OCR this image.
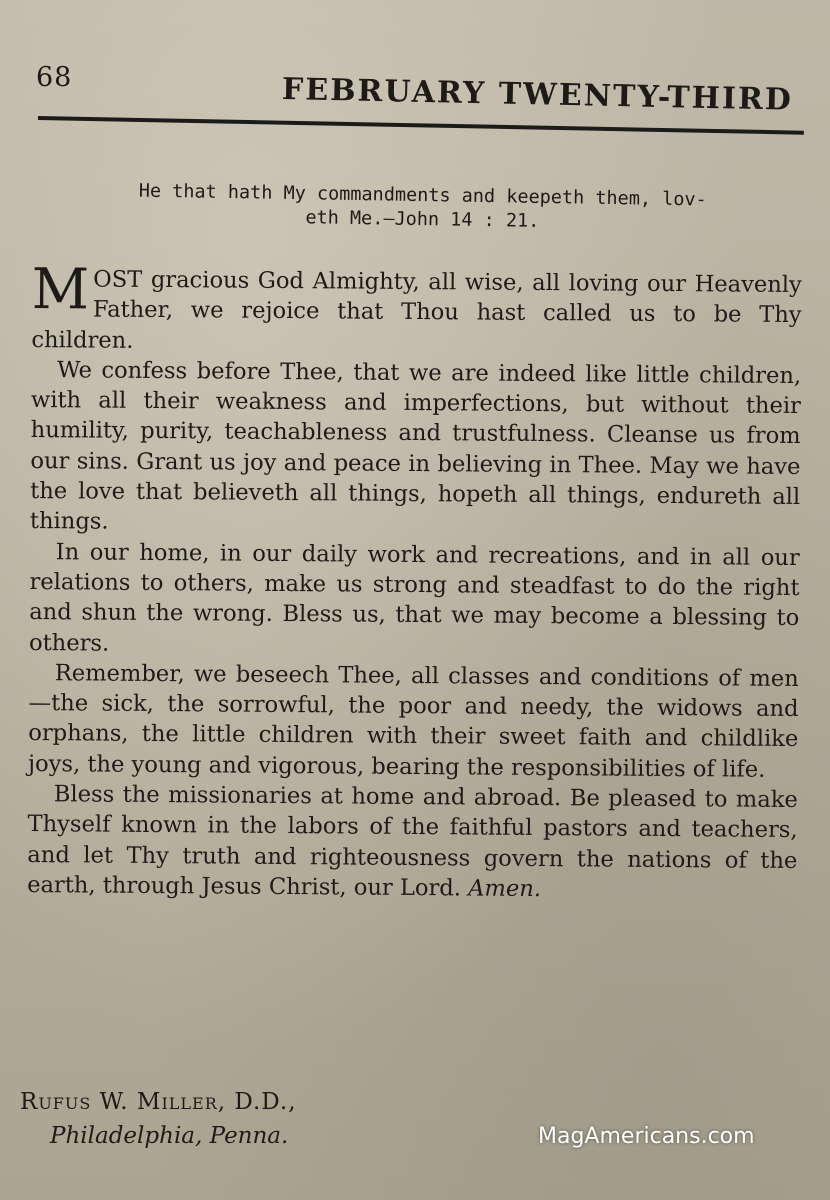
68	FEBRUARY TWENTY-THIRD
He that hath My commandments and keepeth them, lov-
eth Me.—John 14 : 21.

MOST gracious God Almighty, all wise, all loving our Heavenly Father, we rejoice that Thou hast called us to be Thy children.

We confess before Thee, that we are indeed like little children, with all their weakness and imperfections, but without their humility, purity, teachableness and trustfulness. Cleanse us from our sins. Grant us joy and peace in believing in Thee. May we have the love that believeth all things, hopeth all things, endureth all things.

In our home, in our daily work and recreations, and in all our relations to others, make us strong and steadfast to do the right and shun the wrong. Bless us, that we may become a blessing to others.

Remember, we beseech Thee, all classes and conditions of men—the sick, the sorrowful, the poor and needy, the widows and orphans, the little children with their sweet faith and childlike joys, the young and vigorous, bearing the responsibilities of life.

Bless the missionaries at home and abroad. Be pleased to make Thyself known in the labors of the faithful pastors and teachers, and let Thy truth and righteousness govern the nations of the earth, through Jesus Christ, our Lord. Amen.

Rufus W. Miller, D.D.,
Philadelphia, Penna.	MagAmericans.com
